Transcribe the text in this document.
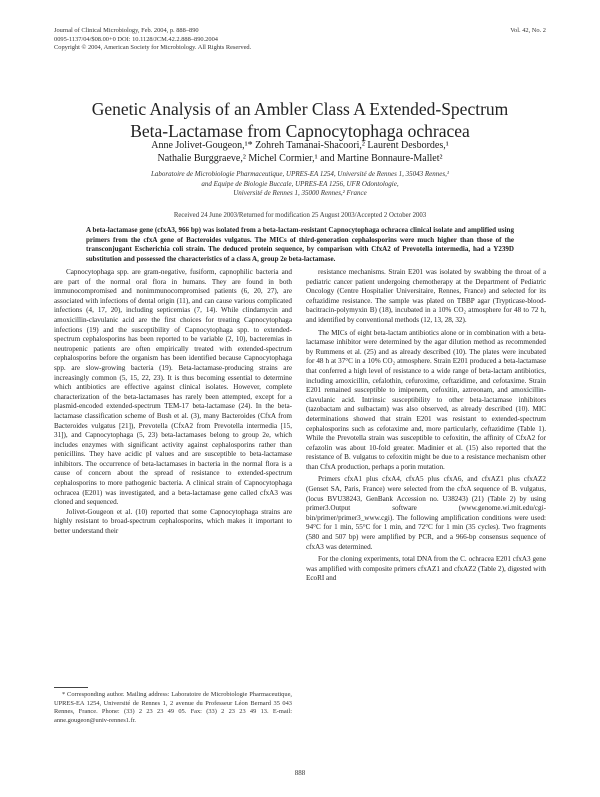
Journal of Clinical Microbiology, Feb. 2004, p. 888–890
0095-1137/04/$08.00+0 DOI: 10.1128/JCM.42.2.888–890.2004
Copyright © 2004, American Society for Microbiology. All Rights Reserved.
Vol. 42, No. 2
Genetic Analysis of an Ambler Class A Extended-Spectrum
Beta-Lactamase from Capnocytophaga ochracea
Anne Jolivet-Gougeon,¹* Zohreh Tamanai-Shacoori,² Laurent Desbordes,¹
Nathalie Burggraeve,² Michel Cormier,¹ and Martine Bonnaure-Mallet²
Laboratoire de Microbiologie Pharmaceutique, UPRES-EA 1254, Université de Rennes 1, 35043 Rennes,¹
and Equipe de Biologie Buccale, UPRES-EA 1256, UFR Odontologie,
Université de Rennes 1, 35000 Rennes,² France
Received 24 June 2003/Returned for modification 25 August 2003/Accepted 2 October 2003
A beta-lactamase gene (cfxA3, 966 bp) was isolated from a beta-lactam-resistant Capnocytophaga ochracea clinical isolate and amplified using primers from the cfxA gene of Bacteroides vulgatus. The MICs of third-generation cephalosporins were much higher than those of the transconjugant Escherichia coli strain. The deduced protein sequence, by comparison with CfxA2 of Prevotella intermedia, had a Y239D substitution and possessed the characteristics of a class A, group 2e beta-lactamase.

Capnocytophaga spp. are gram-negative, fusiform, capnophilic bacteria and are part of the normal oral flora in humans. They are found in both immunocompromised and nonimmunocompromised patients (6, 20, 27), are associated with infections of dental origin (11), and can cause various complicated infections (4, 17, 20), including septicemias (7, 14). While clindamycin and amoxicillin-clavulanic acid are the first choices for treating Capnocytophaga infections (19) and the susceptibility of Capnocytophaga spp. to extended-spectrum cephalosporins has been reported to be variable (2, 10), bacteremias in neutropenic patients are often empirically treated with extended-spectrum cephalosporins before the organism has been identified because Capnocytophaga spp. are slow-growing bacteria (19). Beta-lactamase-producing strains are increasingly common (5, 15, 22, 23). It is thus becoming essential to determine which antibiotics are effective against clinical isolates. However, complete characterization of the beta-lactamases has rarely been attempted, except for a plasmid-encoded extended-spectrum TEM-17 beta-lactamase (24). In the beta-lactamase classification scheme of Bush et al. (3), many Bacteroides (CfxA from Bacteroides vulgatus [21]), Prevotella (CfxA2 from Prevotella intermedia [15, 31]), and Capnocytophaga (5, 23) beta-lactamases belong to group 2e, which includes enzymes with significant activity against cephalosporins rather than penicillins. They have acidic pI values and are susceptible to beta-lactamase inhibitors. The occurrence of beta-lactamases in bacteria in the normal flora is a cause of concern about the spread of resistance to extended-spectrum cephalosporins to more pathogenic bacteria. A clinical strain of Capnocytophaga ochracea (E201) was investigated, and a beta-lactamase gene called cfxA3 was cloned and sequenced.

Jolivet-Gougeon et al. (10) reported that some Capnocytophaga strains are highly resistant to broad-spectrum cephalosporins, which makes it important to better understand their

* Corresponding author. Mailing address: Laboratoire de Microbiologie Pharmaceutique, UPRES-EA 1254, Université de Rennes 1, 2 avenue du Professeur Léon Bernard 35 043 Rennes, France. Phone: (33) 2 23 23 49 05. Fax: (33) 2 23 23 49 13. E-mail: anne.gougeon@univ-rennes1.fr.

resistance mechanisms. Strain E201 was isolated by swabbing the throat of a pediatric cancer patient undergoing chemotherapy at the Department of Pediatric Oncology (Centre Hospitalier Universitaire, Rennes, France) and selected for its ceftazidime resistance. The sample was plated on TBBP agar (Trypticase-blood-bacitracin-polymyxin B) (18), incubated in a 10% CO₂ atmosphere for 48 to 72 h, and identified by conventional methods (12, 13, 28, 32).

The MICs of eight beta-lactam antibiotics alone or in combination with a beta-lactamase inhibitor were determined by the agar dilution method as recommended by Rummens et al. (25) and as already described (10). The plates were incubated for 48 h at 37°C in a 10% CO₂ atmosphere. Strain E201 produced a beta-lactamase that conferred a high level of resistance to a wide range of beta-lactam antibiotics, including amoxicillin, cefalothin, cefuroxime, ceftazidime, and cefotaxime. Strain E201 remained susceptible to imipenem, cefoxitin, aztreonam, and amoxicillin-clavulanic acid. Intrinsic susceptibility to other beta-lactamase inhibitors (tazobactam and sulbactam) was also observed, as already described (10). MIC determinations showed that strain E201 was resistant to extended-spectrum cephalosporins such as cefotaxime and, more particularly, ceftazidime (Table 1). While the Prevotella strain was susceptible to cefoxitin, the affinity of CfxA2 for cefazolin was about 10-fold greater. Madinier et al. (15) also reported that the resistance of B. vulgatus to cefoxitin might be due to a resistance mechanism other than CfxA production, perhaps a porin mutation.

Primers cfxA1 plus cfxA4, cfxA5 plus cfxA6, and cfxAZ1 plus cfxAZ2 (Genset SA, Paris, France) were selected from the cfxA sequence of B. vulgatus, (locus BVU38243, GenBank Accession no. U38243) (21) (Table 2) by using primer3.Output software (www.genome.wi.mit.edu/cgi-bin/primer/primer3_www.cgi). The following amplification conditions were used: 94°C for 1 min, 55°C for 1 min, and 72°C for 1 min (35 cycles). Two fragments (580 and 507 bp) were amplified by PCR, and a 966-bp consensus sequence of cfxA3 was determined.

For the cloning experiments, total DNA from the C. ochracea E201 cfxA3 gene was amplified with composite primers cfxAZ1 and cfxAZ2 (Table 2), digested with EcoRI and

888
